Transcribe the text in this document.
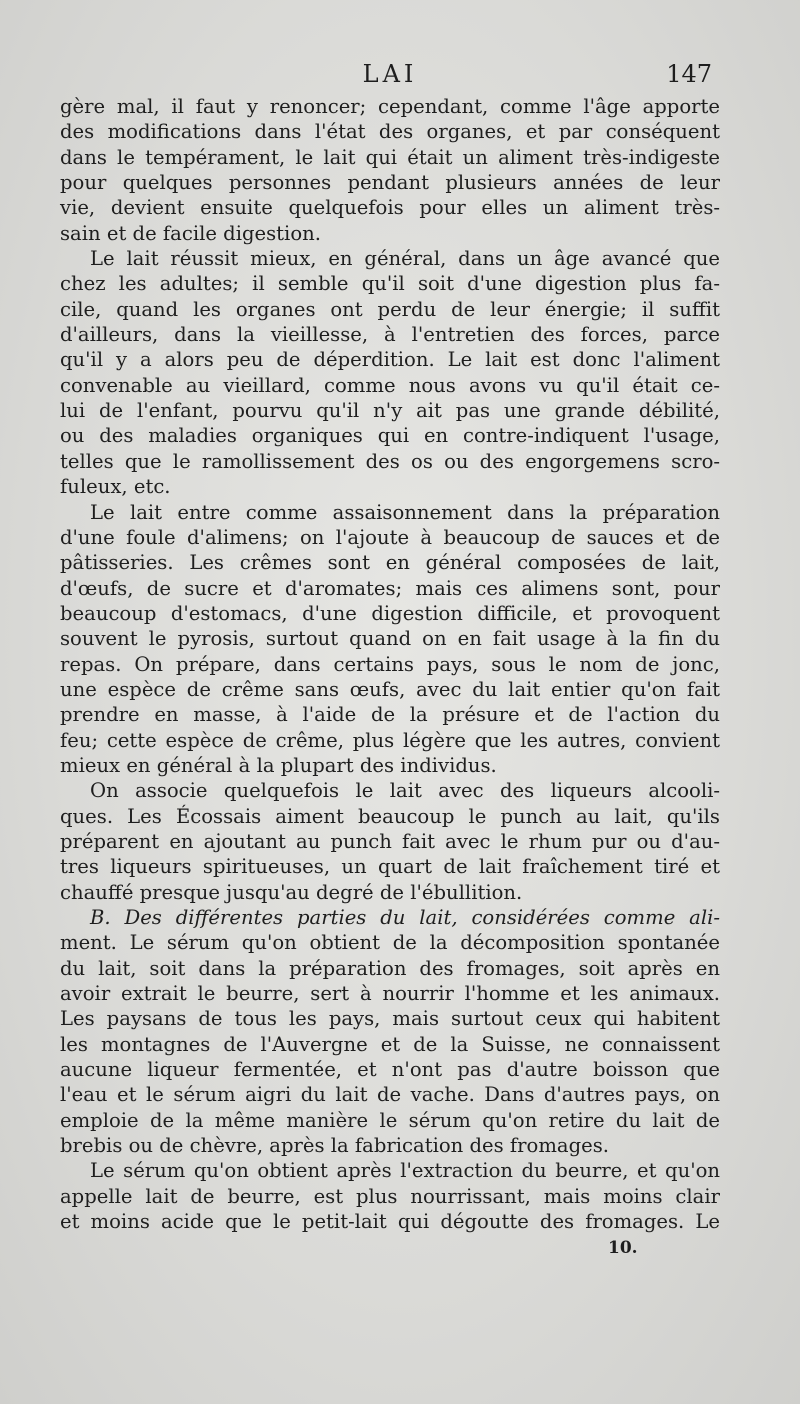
LAI	147
gère mal, il faut y renoncer; cependant, comme l'âge apporte
des modifications dans l'état des organes, et par conséquent
dans le tempérament, le lait qui était un aliment très-indigeste
pour quelques personnes pendant plusieurs années de leur
vie, devient ensuite quelquefois pour elles un aliment très-
sain et de facile digestion.
Le lait réussit mieux, en général, dans un âge avancé que
chez les adultes; il semble qu'il soit d'une digestion plus fa-
cile, quand les organes ont perdu de leur énergie; il suffit
d'ailleurs, dans la vieillesse, à l'entretien des forces, parce
qu'il y a alors peu de déperdition. Le lait est donc l'aliment
convenable au vieillard, comme nous avons vu qu'il était ce-
lui de l'enfant, pourvu qu'il n'y ait pas une grande débilité,
ou des maladies organiques qui en contre-indiquent l'usage,
telles que le ramollissement des os ou des engorgemens scro-
fuleux, etc.
Le lait entre comme assaisonnement dans la préparation
d'une foule d'alimens; on l'ajoute à beaucoup de sauces et de
pâtisseries. Les crêmes sont en général composées de lait,
d'œufs, de sucre et d'aromates; mais ces alimens sont, pour
beaucoup d'estomacs, d'une digestion difficile, et provoquent
souvent le pyrosis, surtout quand on en fait usage à la fin du
repas. On prépare, dans certains pays, sous le nom de jonc,
une espèce de crême sans œufs, avec du lait entier qu'on fait
prendre en masse, à l'aide de la présure et de l'action du
feu; cette espèce de crême, plus légère que les autres, convient
mieux en général à la plupart des individus.
On associe quelquefois le lait avec des liqueurs alcooli-
ques. Les Écossais aiment beaucoup le punch au lait, qu'ils
préparent en ajoutant au punch fait avec le rhum pur ou d'au-
tres liqueurs spiritueuses, un quart de lait fraîchement tiré et
chauffé presque jusqu'au degré de l'ébullition.
B. Des différentes parties du lait, considérées comme ali-
ment. Le sérum qu'on obtient de la décomposition spontanée
du lait, soit dans la préparation des fromages, soit après en
avoir extrait le beurre, sert à nourrir l'homme et les animaux.
Les paysans de tous les pays, mais surtout ceux qui habitent
les montagnes de l'Auvergne et de la Suisse, ne connaissent
aucune liqueur fermentée, et n'ont pas d'autre boisson que
l'eau et le sérum aigri du lait de vache. Dans d'autres pays, on
emploie de la même manière le sérum qu'on retire du lait de
brebis ou de chèvre, après la fabrication des fromages.
Le sérum qu'on obtient après l'extraction du beurre, et qu'on
appelle lait de beurre, est plus nourrissant, mais moins clair
et moins acide que le petit-lait qui dégoutte des fromages. Le
10.
